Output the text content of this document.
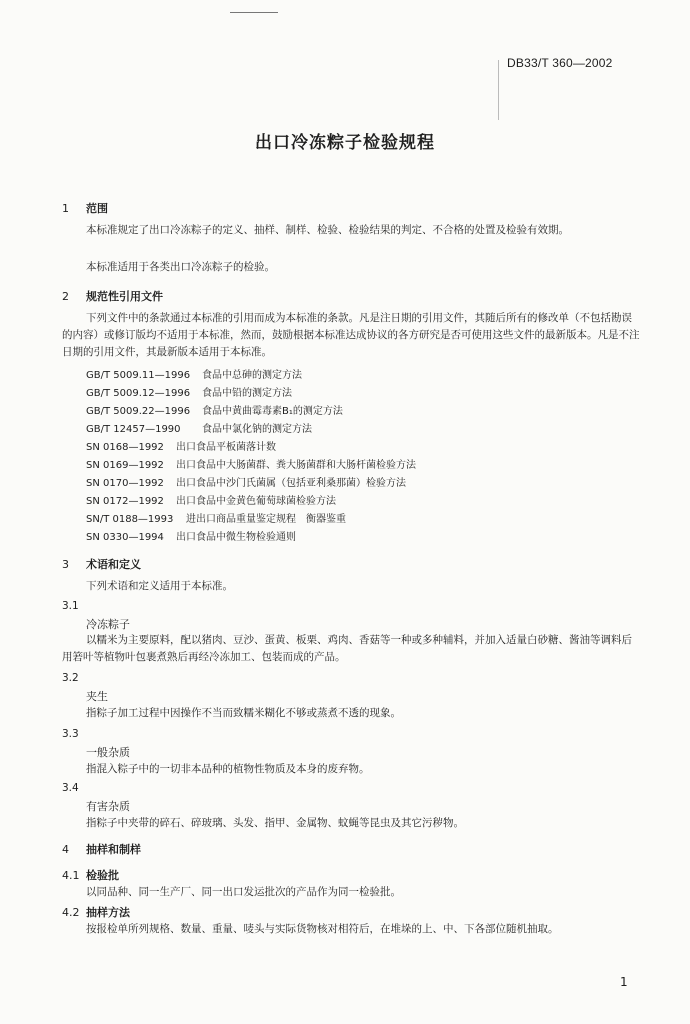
DB33/T 360—2002
出口冷冻粽子检验规程
1 范围
本标准规定了出口冷冻粽子的定义、抽样、制样、检验、检验结果的判定、不合格的处置及检验有效期。
本标准适用于各类出口冷冻粽子的检验。
2 规范性引用文件
下列文件中的条款通过本标准的引用而成为本标准的条款。凡是注日期的引用文件，其随后所有的修改单（不包括勘误的内容）或修订版均不适用于本标准，然而，鼓励根据本标准达成协议的各方研究是否可使用这些文件的最新版本。凡是不注日期的引用文件，其最新版本适用于本标准。
GB/T 5009.11—1996 食品中总砷的测定方法
GB/T 5009.12—1996 食品中铅的测定方法
GB/T 5009.22—1996 食品中黄曲霉毒素B₁的测定方法
GB/T 12457—1990 食品中氯化钠的测定方法
SN 0168—1992 出口食品平板菌落计数
SN 0169—1992 出口食品中大肠菌群、粪大肠菌群和大肠杆菌检验方法
SN 0170—1992 出口食品中沙门氏菌属（包括亚利桑那菌）检验方法
SN 0172—1992 出口食品中金黄色葡萄球菌检验方法
SN/T 0188—1993 进出口商品重量鉴定规程　衡器鉴重
SN 0330—1994 出口食品中微生物检验通则
3 术语和定义
下列术语和定义适用于本标准。
3.1
冷冻粽子
以糯米为主要原料，配以猪肉、豆沙、蛋黄、板栗、鸡肉、香菇等一种或多种辅料，并加入适量白砂糖、酱油等调料后用箬叶等植物叶包裹煮熟后再经冷冻加工、包装而成的产品。
3.2
夹生
指粽子加工过程中因操作不当而致糯米糊化不够或蒸煮不透的现象。
3.3
一般杂质
指混入粽子中的一切非本品种的植物性物质及本身的废弃物。
3.4
有害杂质
指粽子中夹带的碎石、碎玻璃、头发、指甲、金属物、蚊蝇等昆虫及其它污秽物。
4 抽样和制样
4.1 检验批
以同品种、同一生产厂、同一出口发运批次的产品作为同一检验批。
4.2 抽样方法
按报检单所列规格、数量、重量、唛头与实际货物核对相符后，在堆垛的上、中、下各部位随机抽取。
1
